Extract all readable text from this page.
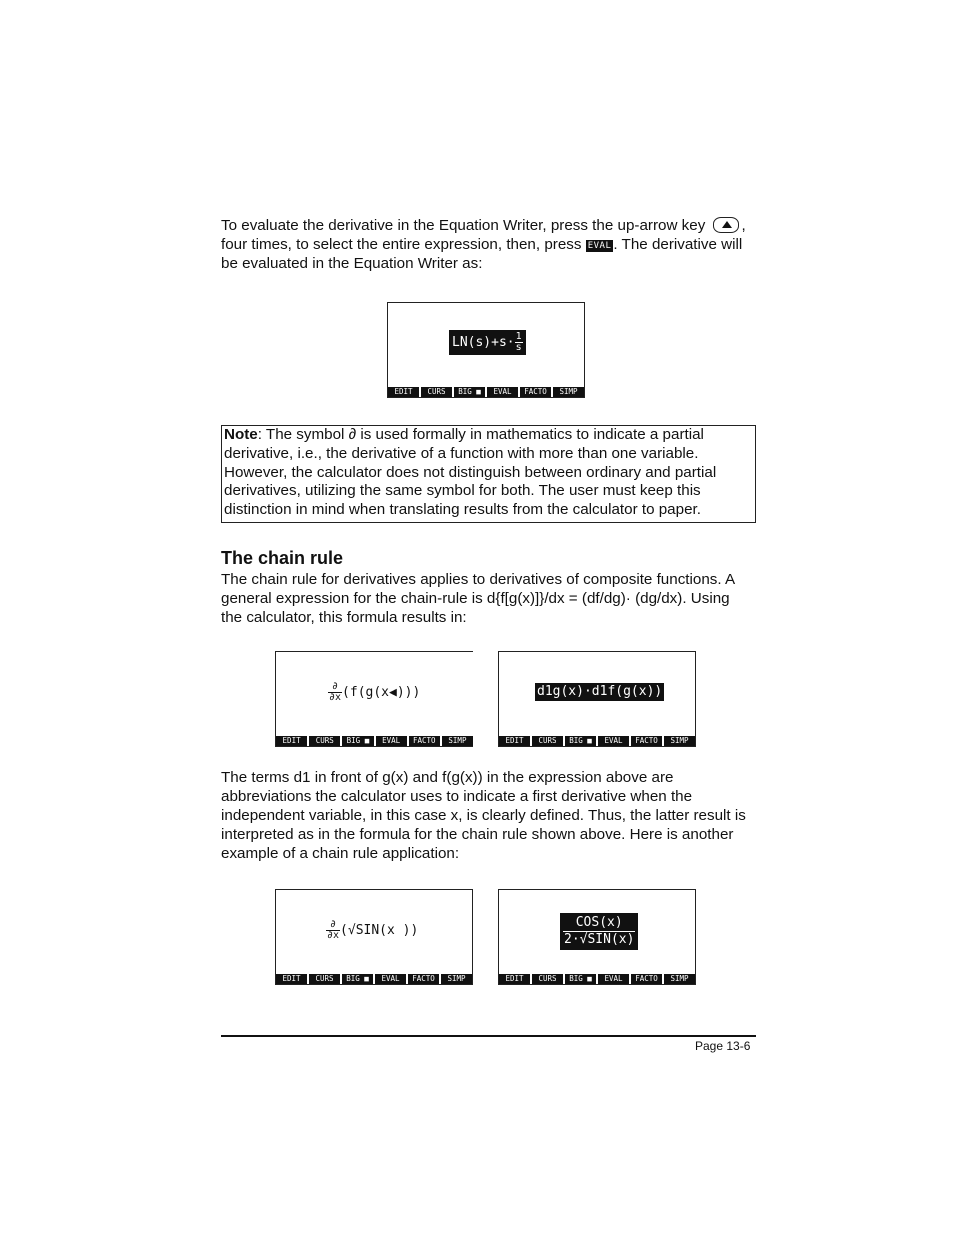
To evaluate the derivative in the Equation Writer, press the up-arrow key ,
four times, to select the entire expression, then, press EVAL . The derivative will
be evaluated in the Equation Writer as:
$LN(s)+s\cdot \frac{1}{s}$
EDIT	CURS	BIG ■	EVAL	FACTO	SIMP
Note: The symbol ∂ is used formally in mathematics to indicate a partial
derivative, i.e., the derivative of a function with more than one variable.
However, the calculator does not distinguish between ordinary and partial
derivatives, utilizing the same symbol for both. The user must keep this
distinction in mind when translating results from the calculator to paper.
The chain rule
The chain rule for derivatives applies to derivatives of composite functions. A
general expression for the chain-rule is d{f[g(x)]}/dx = (df/dg)· (dg/dx). Using
the calculator, this formula results in:
$\frac{\partial}{\partial x}$ (f(g(x◀)))
EDIT	CURS	BIG ■	EVAL	FACTO	SIMP
d1g(x)·d1f(g(x))
EDIT	CURS	BIG ■	EVAL	FACTO	SIMP
The terms d1 in front of g(x) and f(g(x)) in the expression above are
abbreviations the calculator uses to indicate a first derivative when the
independent variable, in this case x, is clearly defined. Thus, the latter result is
interpreted as in the formula for the chain rule shown above. Here is another
example of a chain rule application:
$\frac{\partial}{\partial x} (√SIN(x$ ))
EDIT	CURS	BIG ■	EVAL	FACTO	SIMP
$\frac{\text{COS(x)}}{\text{2·√SIN(x)}}$
EDIT	CURS	BIG ■	EVAL	FACTO	SIMP
Page 13-6
